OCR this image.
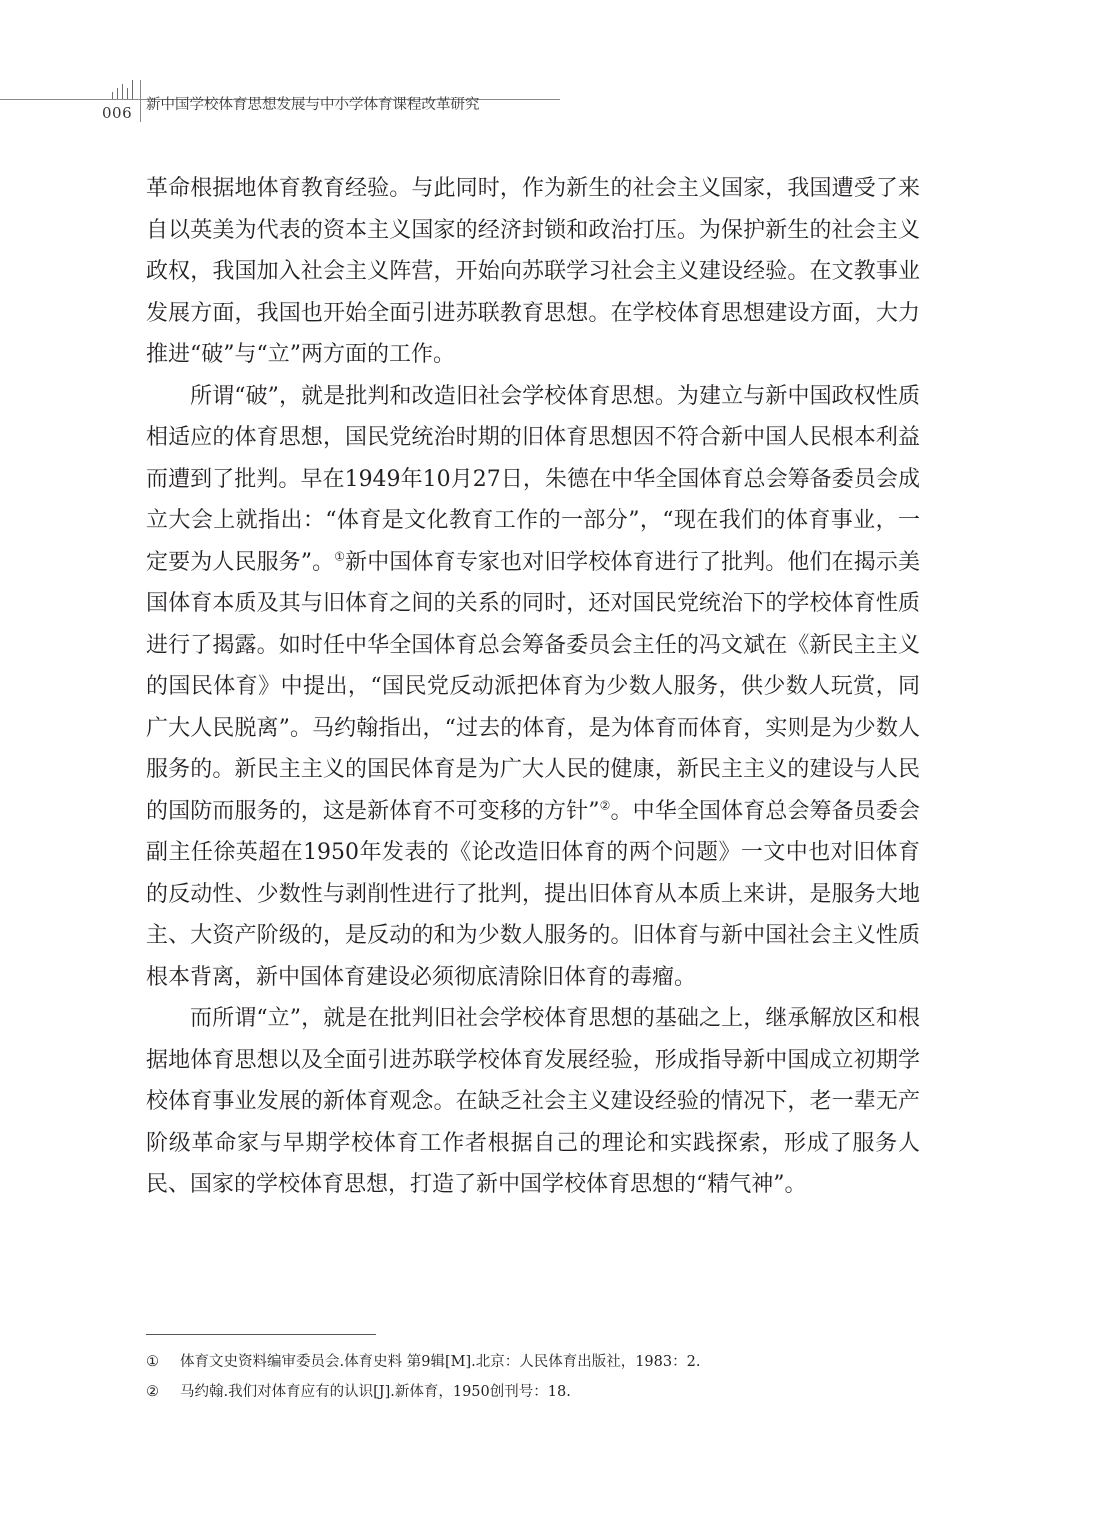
006 新中国学校体育思想发展与中小学体育课程改革研究

革命根据地体育教育经验。与此同时，作为新生的社会主义国家，我国遭受了来自以英美为代表的资本主义国家的经济封锁和政治打压。为保护新生的社会主义政权，我国加入社会主义阵营，开始向苏联学习社会主义建设经验。在文教事业发展方面，我国也开始全面引进苏联教育思想。在学校体育思想建设方面，大力推进“破”与“立”两方面的工作。

所谓“破”，就是批判和改造旧社会学校体育思想。为建立与新中国政权性质相适应的体育思想，国民党统治时期的旧体育思想因不符合新中国人民根本利益而遭到了批判。早在1949年10月27日，朱德在中华全国体育总会筹备委员会成立大会上就指出：“体育是文化教育工作的一部分”，“现在我们的体育事业，一定要为人民服务”。①新中国体育专家也对旧学校体育进行了批判。他们在揭示美国体育本质及其与旧体育之间的关系的同时，还对国民党统治下的学校体育性质进行了揭露。如时任中华全国体育总会筹备委员会主任的冯文斌在《新民主主义的国民体育》中提出，“国民党反动派把体育为少数人服务，供少数人玩赏，同广大人民脱离”。马约翰指出，“过去的体育，是为体育而体育，实则是为少数人服务的。新民主主义的国民体育是为广大人民的健康，新民主主义的建设与人民的国防而服务的，这是新体育不可变移的方针”②。中华全国体育总会筹备员委会副主任徐英超在1950年发表的《论改造旧体育的两个问题》一文中也对旧体育的反动性、少数性与剥削性进行了批判，提出旧体育从本质上来讲，是服务大地主、大资产阶级的，是反动的和为少数人服务的。旧体育与新中国社会主义性质根本背离，新中国体育建设必须彻底清除旧体育的毒瘤。

而所谓“立”，就是在批判旧社会学校体育思想的基础之上，继承解放区和根据地体育思想以及全面引进苏联学校体育发展经验，形成指导新中国成立初期学校体育事业发展的新体育观念。在缺乏社会主义建设经验的情况下，老一辈无产阶级革命家与早期学校体育工作者根据自己的理论和实践探索，形成了服务人民、国家的学校体育思想，打造了新中国学校体育思想的“精气神”。

①	体育文史资料编审委员会.体育史料 第9辑[M].北京：人民体育出版社，1983：2.
②	马约翰.我们对体育应有的认识[J].新体育，1950创刊号：18.
